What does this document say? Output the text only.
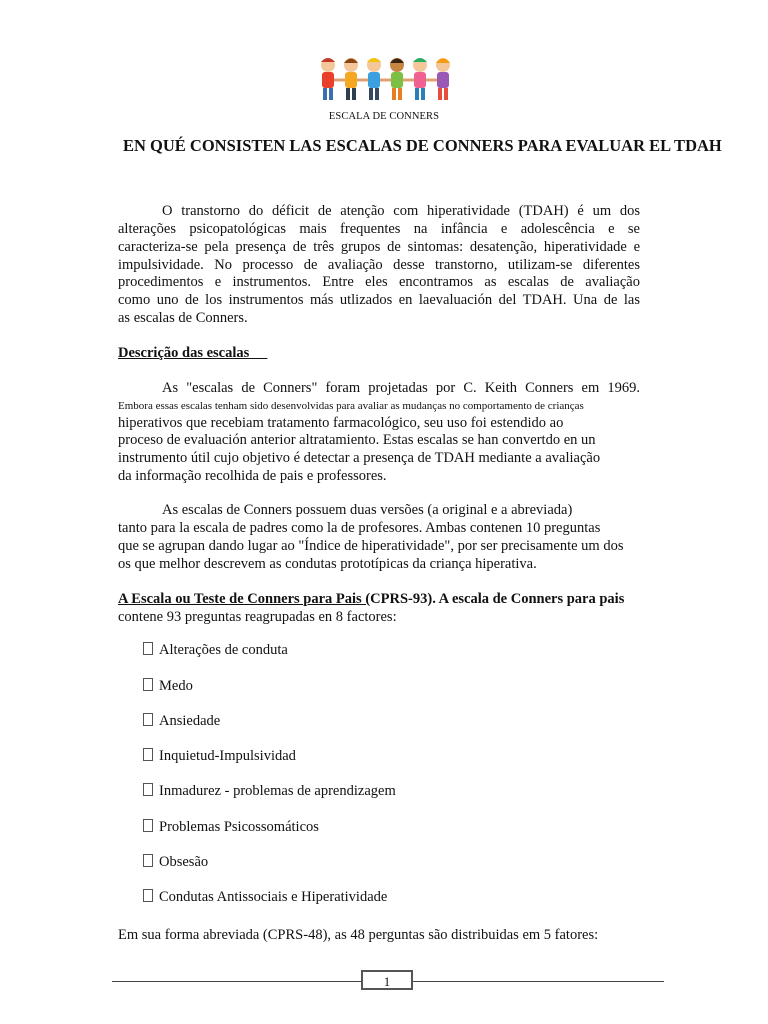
ESCALA DE CONNERS
EN QUÉ CONSISTEN LAS ESCALAS DE CONNERS PARA EVALUAR EL TDAH
O transtorno do déficit de atenção com hiperatividade (TDAH) é um dos
alterações psicopatológicas mais frequentes na infância e adolescência e se
caracteriza-se pela presença de três grupos de sintomas: desatenção, hiperatividade e
impulsividade. No processo de avaliação desse transtorno, utilizam-se diferentes
procedimentos e instrumentos. Entre eles encontramos as escalas de avaliação
como uno de los instrumentos más utlizados en laevaluación del TDAH. Una de las
as escalas de Conners.
Descrição das escalas
As "escalas de Conners" foram projetadas por C. Keith Conners em 1969.
Embora essas escalas tenham sido desenvolvidas para avaliar as mudanças no comportamento de crianças
hiperativos que recebiam tratamento farmacológico, seu uso foi estendido ao
proceso de evaluación anterior altratamiento. Estas escalas se han convertdo en un
instrumento útil cujo objetivo é detectar a presença de TDAH mediante a avaliação
da informação recolhida de pais e professores.
As escalas de Conners possuem duas versões (a original e a abreviada)
tanto para la escala de padres como la de profesores. Ambas contenen 10 preguntas
que se agrupan dando lugar ao "Índice de hiperatividade", por ser precisamente um dos
os que melhor descrevem as condutas prototípicas da criança hiperativa.
A Escala ou Teste de Conners para Pais (CPRS-93). A escala de Conners para pais
contene 93 preguntas reagrupadas en 8 factores:
Alterações de conduta
Medo
Ansiedade
Inquietud-Impulsividad
Inmadurez - problemas de aprendizagem
Problemas Psicossomáticos
Obsesão
Condutas Antissociais e Hiperatividade
Em sua forma abreviada (CPRS-48), as 48 perguntas são distribuidas em 5 fatores:
1
